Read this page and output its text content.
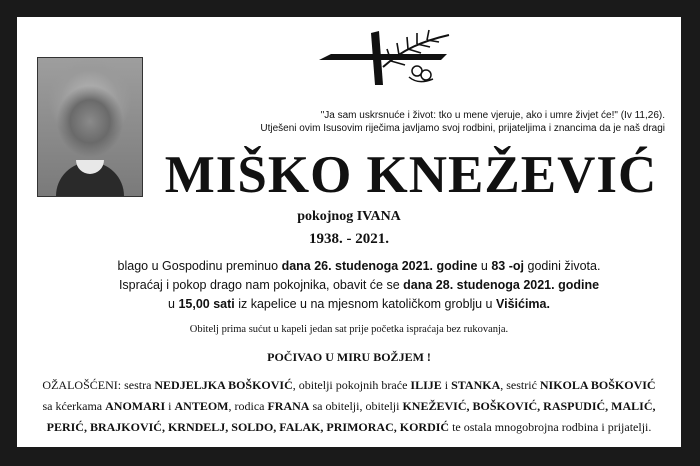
"Ja sam uskrsnuće i život: tko u mene vjeruje, ako i umre živjet će!" (Iv 11,26).

Utješeni ovim Isusovim riječima javljamo svoj rodbini, prijateljima i znancima da je naš dragi

MIŠKO KNEŽEVIĆ
pokojnog IVANA
1938. - 2021.
blago u Gospodinu preminuo dana 26. studenoga 2021. godine u 83 -oj godini života.
Ispraćaj i pokop drago nam pokojnika, obavit će se dana 28. studenoga 2021. godine
u 15,00 sati iz kapelice u na mjesnom katoličkom groblju u Višićima.
Obitelj prima sućut u kapeli jedan sat prije početka ispraćaja bez rukovanja.
POČIVAO U MIRU BOŽJEM !
OŽALOŠĆENI: sestra NEDJELJKA BOŠKOVIĆ, obitelji pokojnih braće ILIJE i STANKA, sestrić NIKOLA BOŠKOVIĆ
sa kćerkama ANOMARI i ANTEOM, rodica FRANA sa obitelji, obitelji KNEŽEVIĆ, BOŠKOVIĆ, RASPUDIĆ, MALIĆ,
PERIĆ, BRAJKOVIĆ, KRNDELJ, SOLDO, FALAK, PRIMORAC, KORDIĆ te ostala mnogobrojna rodbina i prijatelji.
